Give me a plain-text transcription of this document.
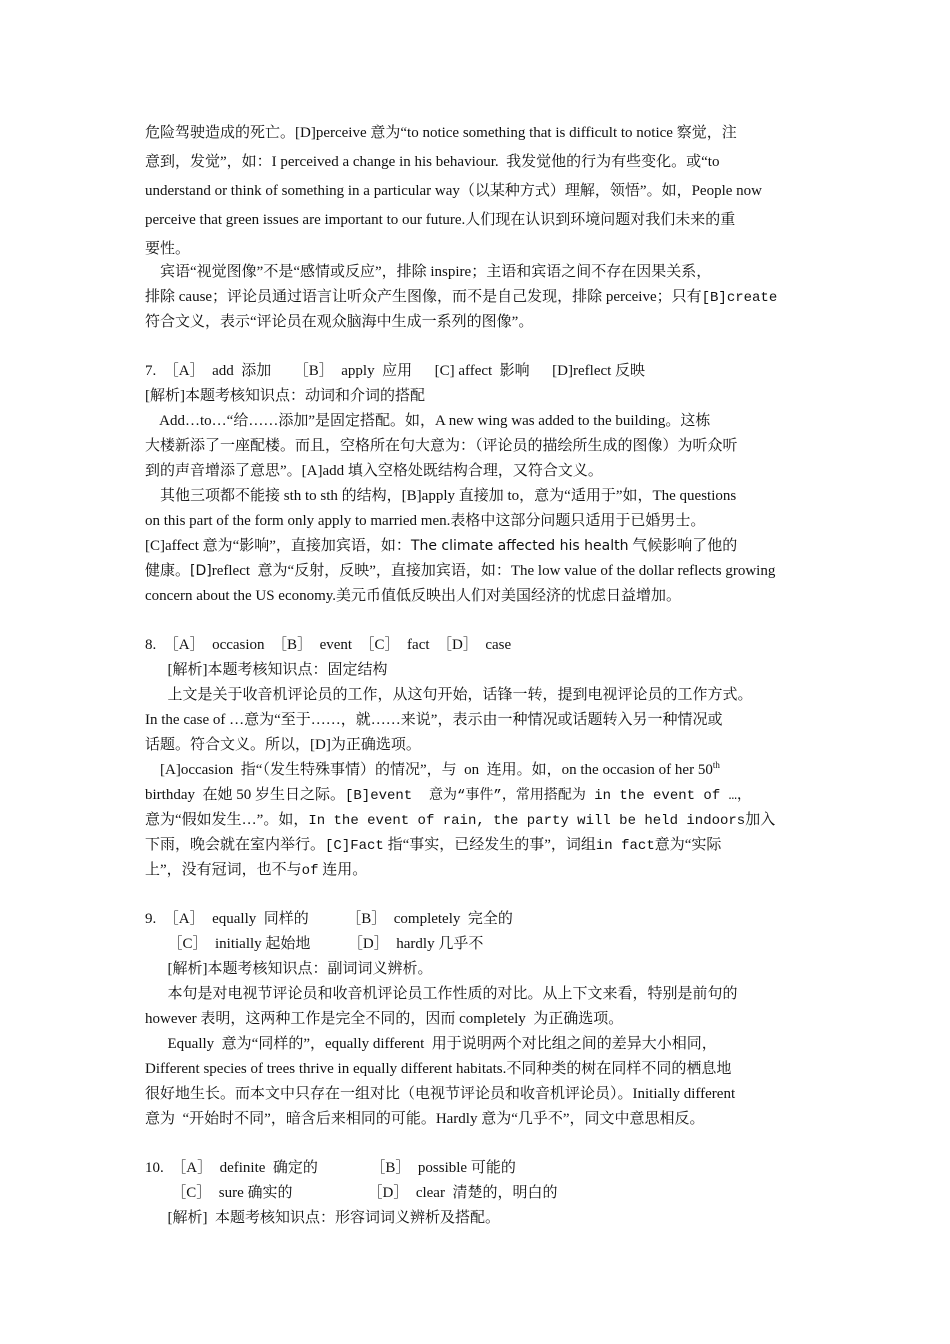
危险驾驶造成的死亡。[D]perceive 意为“to notice something that is difficult to notice 察觉，注
意到，发觉”，如：I perceived a change in his behaviour.  我发觉他的行为有些变化。或“to
understand or think of something in a particular way（以某种方式）理解，领悟”。如，People now
perceive that green issues are important to our future.人们现在认识到环境问题对我们未来的重
要性。
宾语“视觉图像”不是“感情或反应”，排除 inspire；主语和宾语之间不存在因果关系，
排除 cause；评论员通过语言让听众产生图像，而不是自己发现，排除 perceive；只有[B]create
符合文义，表示“评论员在观众脑海中生成一系列的图像”。
7.  ［A］  add  添加      ［B］  apply  应用      [C] affect  影响      [D]reflect 反映
[解析]本题考核知识点：动词和介词的搭配
Add…to…“给……添加”是固定搭配。如，A new wing was added to the building。这栋
大楼新添了一座配楼。而且，空格所在句大意为：（评论员的描绘所生成的图像）为听众听
到的声音增添了意思”。[A]add 填入空格处既结构合理，又符合文义。
其他三项都不能接 sth to sth 的结构，[B]apply 直接加 to，意为“适用于”如，The questions
on this part of the form only apply to married men.表格中这部分问题只适用于已婚男士。
[C]affect 意为“影响”，直接加宾语，如：The climate affected his health 气候影响了他的
健康。[D]reflect  意为“反射，反映”，直接加宾语，如：The low value of the dollar reflects growing
concern about the US economy.美元币值低反映出人们对美国经济的忧虑日益增加。
8.  ［A］  occasion  ［B］  event  ［C］  fact  ［D］  case
[解析]本题考核知识点：固定结构
上文是关于收音机评论员的工作，从这句开始，话锋一转，提到电视评论员的工作方式。
In the case of …意为“至于……，就……来说”，表示由一种情况或话题转入另一种情况或
话题。符合文义。所以，[D]为正确选项。
[A]occasion  指“（发生特殊事情）的情况”，与  on  连用。如，on the occasion of her 50th
birthday  在她 50 岁生日之际。[B]event  意为“事件”，常用搭配为 in the event of …，
意为“假如发生…”。如，In the event of rain, the party will be held indoors加入
下雨，晚会就在室内举行。[C]Fact 指“事实，已经发生的事”，词组in fact意为“实际
上”，没有冠词，也不与of 连用。
9.  ［A］  equally  同样的          ［B］  completely  完全的
［C］  initially 起始地          ［D］  hardly 几乎不
[解析]本题考核知识点：副词词义辨析。
本句是对电视节评论员和收音机评论员工作性质的对比。从上下文来看，特别是前句的
however 表明，这两种工作是完全不同的，因而 completely  为正确选项。
Equally  意为“同样的”，equally different  用于说明两个对比组之间的差异大小相同，
Different species of trees thrive in equally different habitats.不同种类的树在同样不同的栖息地
很好地生长。而本文中只存在一组对比（电视节评论员和收音机评论员）。Initially different
意为  “开始时不同”，暗含后来相同的可能。Hardly 意为“几乎不”，同文中意思相反。
10.  ［A］  definite  确定的              ［B］  possible 可能的
［C］  sure 确实的                    ［D］  clear  清楚的，明白的
[解析]  本题考核知识点：形容词词义辨析及搭配。
